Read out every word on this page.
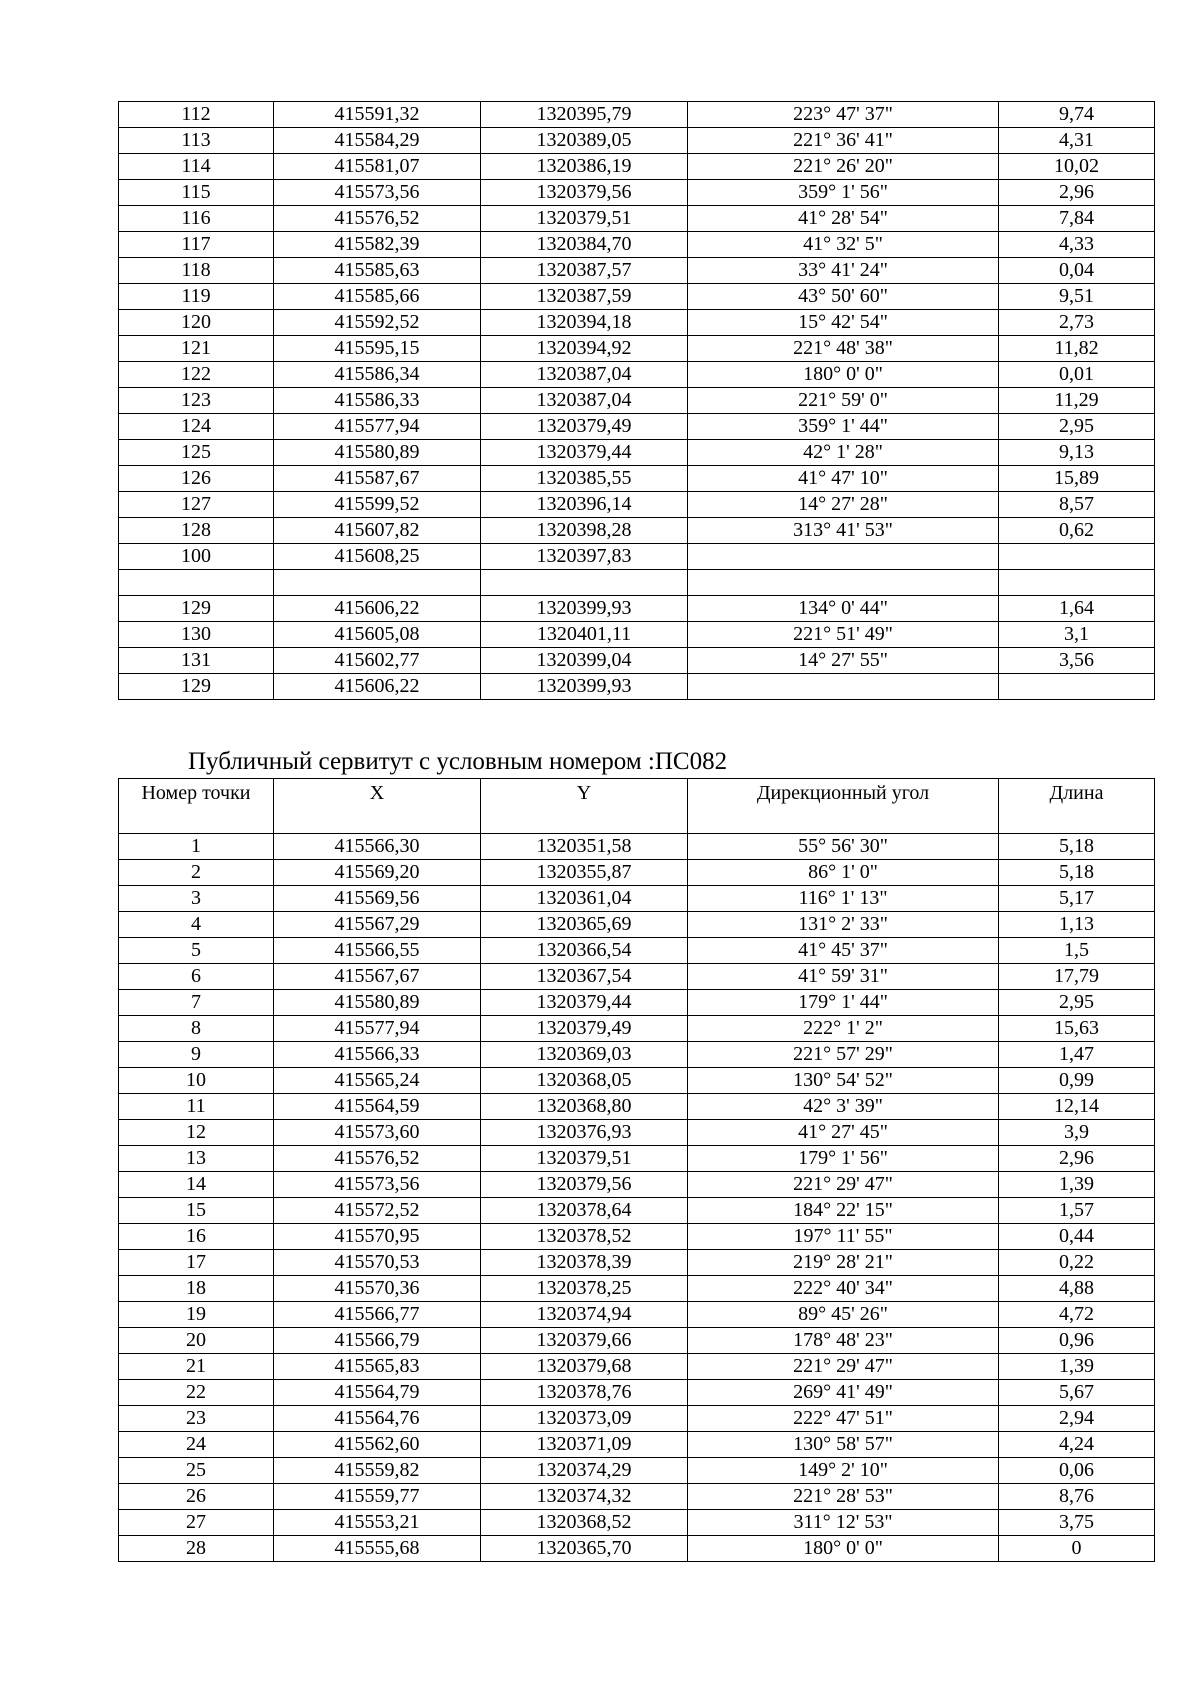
112	415591,32	1320395,79	223° 47' 37"	9,74
113	415584,29	1320389,05	221° 36' 41"	4,31
114	415581,07	1320386,19	221° 26' 20"	10,02
115	415573,56	1320379,56	359° 1' 56"	2,96
116	415576,52	1320379,51	41° 28' 54"	7,84
117	415582,39	1320384,70	41° 32' 5"	4,33
118	415585,63	1320387,57	33° 41' 24"	0,04
119	415585,66	1320387,59	43° 50' 60"	9,51
120	415592,52	1320394,18	15° 42' 54"	2,73
121	415595,15	1320394,92	221° 48' 38"	11,82
122	415586,34	1320387,04	180° 0' 0"	0,01
123	415586,33	1320387,04	221° 59' 0"	11,29
124	415577,94	1320379,49	359° 1' 44"	2,95
125	415580,89	1320379,44	42° 1' 28"	9,13
126	415587,67	1320385,55	41° 47' 10"	15,89
127	415599,52	1320396,14	14° 27' 28"	8,57
128	415607,82	1320398,28	313° 41' 53"	0,62
100	415608,25	1320397,83		

129	415606,22	1320399,93	134° 0' 44"	1,64
130	415605,08	1320401,11	221° 51' 49"	3,1
131	415602,77	1320399,04	14° 27' 55"	3,56
129	415606,22	1320399,93		
Публичный сервитут с условным номером :ПС082
Номер точки	X	Y	Дирекционный угол	Длина
1	415566,30	1320351,58	55° 56' 30"	5,18
2	415569,20	1320355,87	86° 1' 0"	5,18
3	415569,56	1320361,04	116° 1' 13"	5,17
4	415567,29	1320365,69	131° 2' 33"	1,13
5	415566,55	1320366,54	41° 45' 37"	1,5
6	415567,67	1320367,54	41° 59' 31"	17,79
7	415580,89	1320379,44	179° 1' 44"	2,95
8	415577,94	1320379,49	222° 1' 2"	15,63
9	415566,33	1320369,03	221° 57' 29"	1,47
10	415565,24	1320368,05	130° 54' 52"	0,99
11	415564,59	1320368,80	42° 3' 39"	12,14
12	415573,60	1320376,93	41° 27' 45"	3,9
13	415576,52	1320379,51	179° 1' 56"	2,96
14	415573,56	1320379,56	221° 29' 47"	1,39
15	415572,52	1320378,64	184° 22' 15"	1,57
16	415570,95	1320378,52	197° 11' 55"	0,44
17	415570,53	1320378,39	219° 28' 21"	0,22
18	415570,36	1320378,25	222° 40' 34"	4,88
19	415566,77	1320374,94	89° 45' 26"	4,72
20	415566,79	1320379,66	178° 48' 23"	0,96
21	415565,83	1320379,68	221° 29' 47"	1,39
22	415564,79	1320378,76	269° 41' 49"	5,67
23	415564,76	1320373,09	222° 47' 51"	2,94
24	415562,60	1320371,09	130° 58' 57"	4,24
25	415559,82	1320374,29	149° 2' 10"	0,06
26	415559,77	1320374,32	221° 28' 53"	8,76
27	415553,21	1320368,52	311° 12' 53"	3,75
28	415555,68	1320365,70	180° 0' 0"	0
